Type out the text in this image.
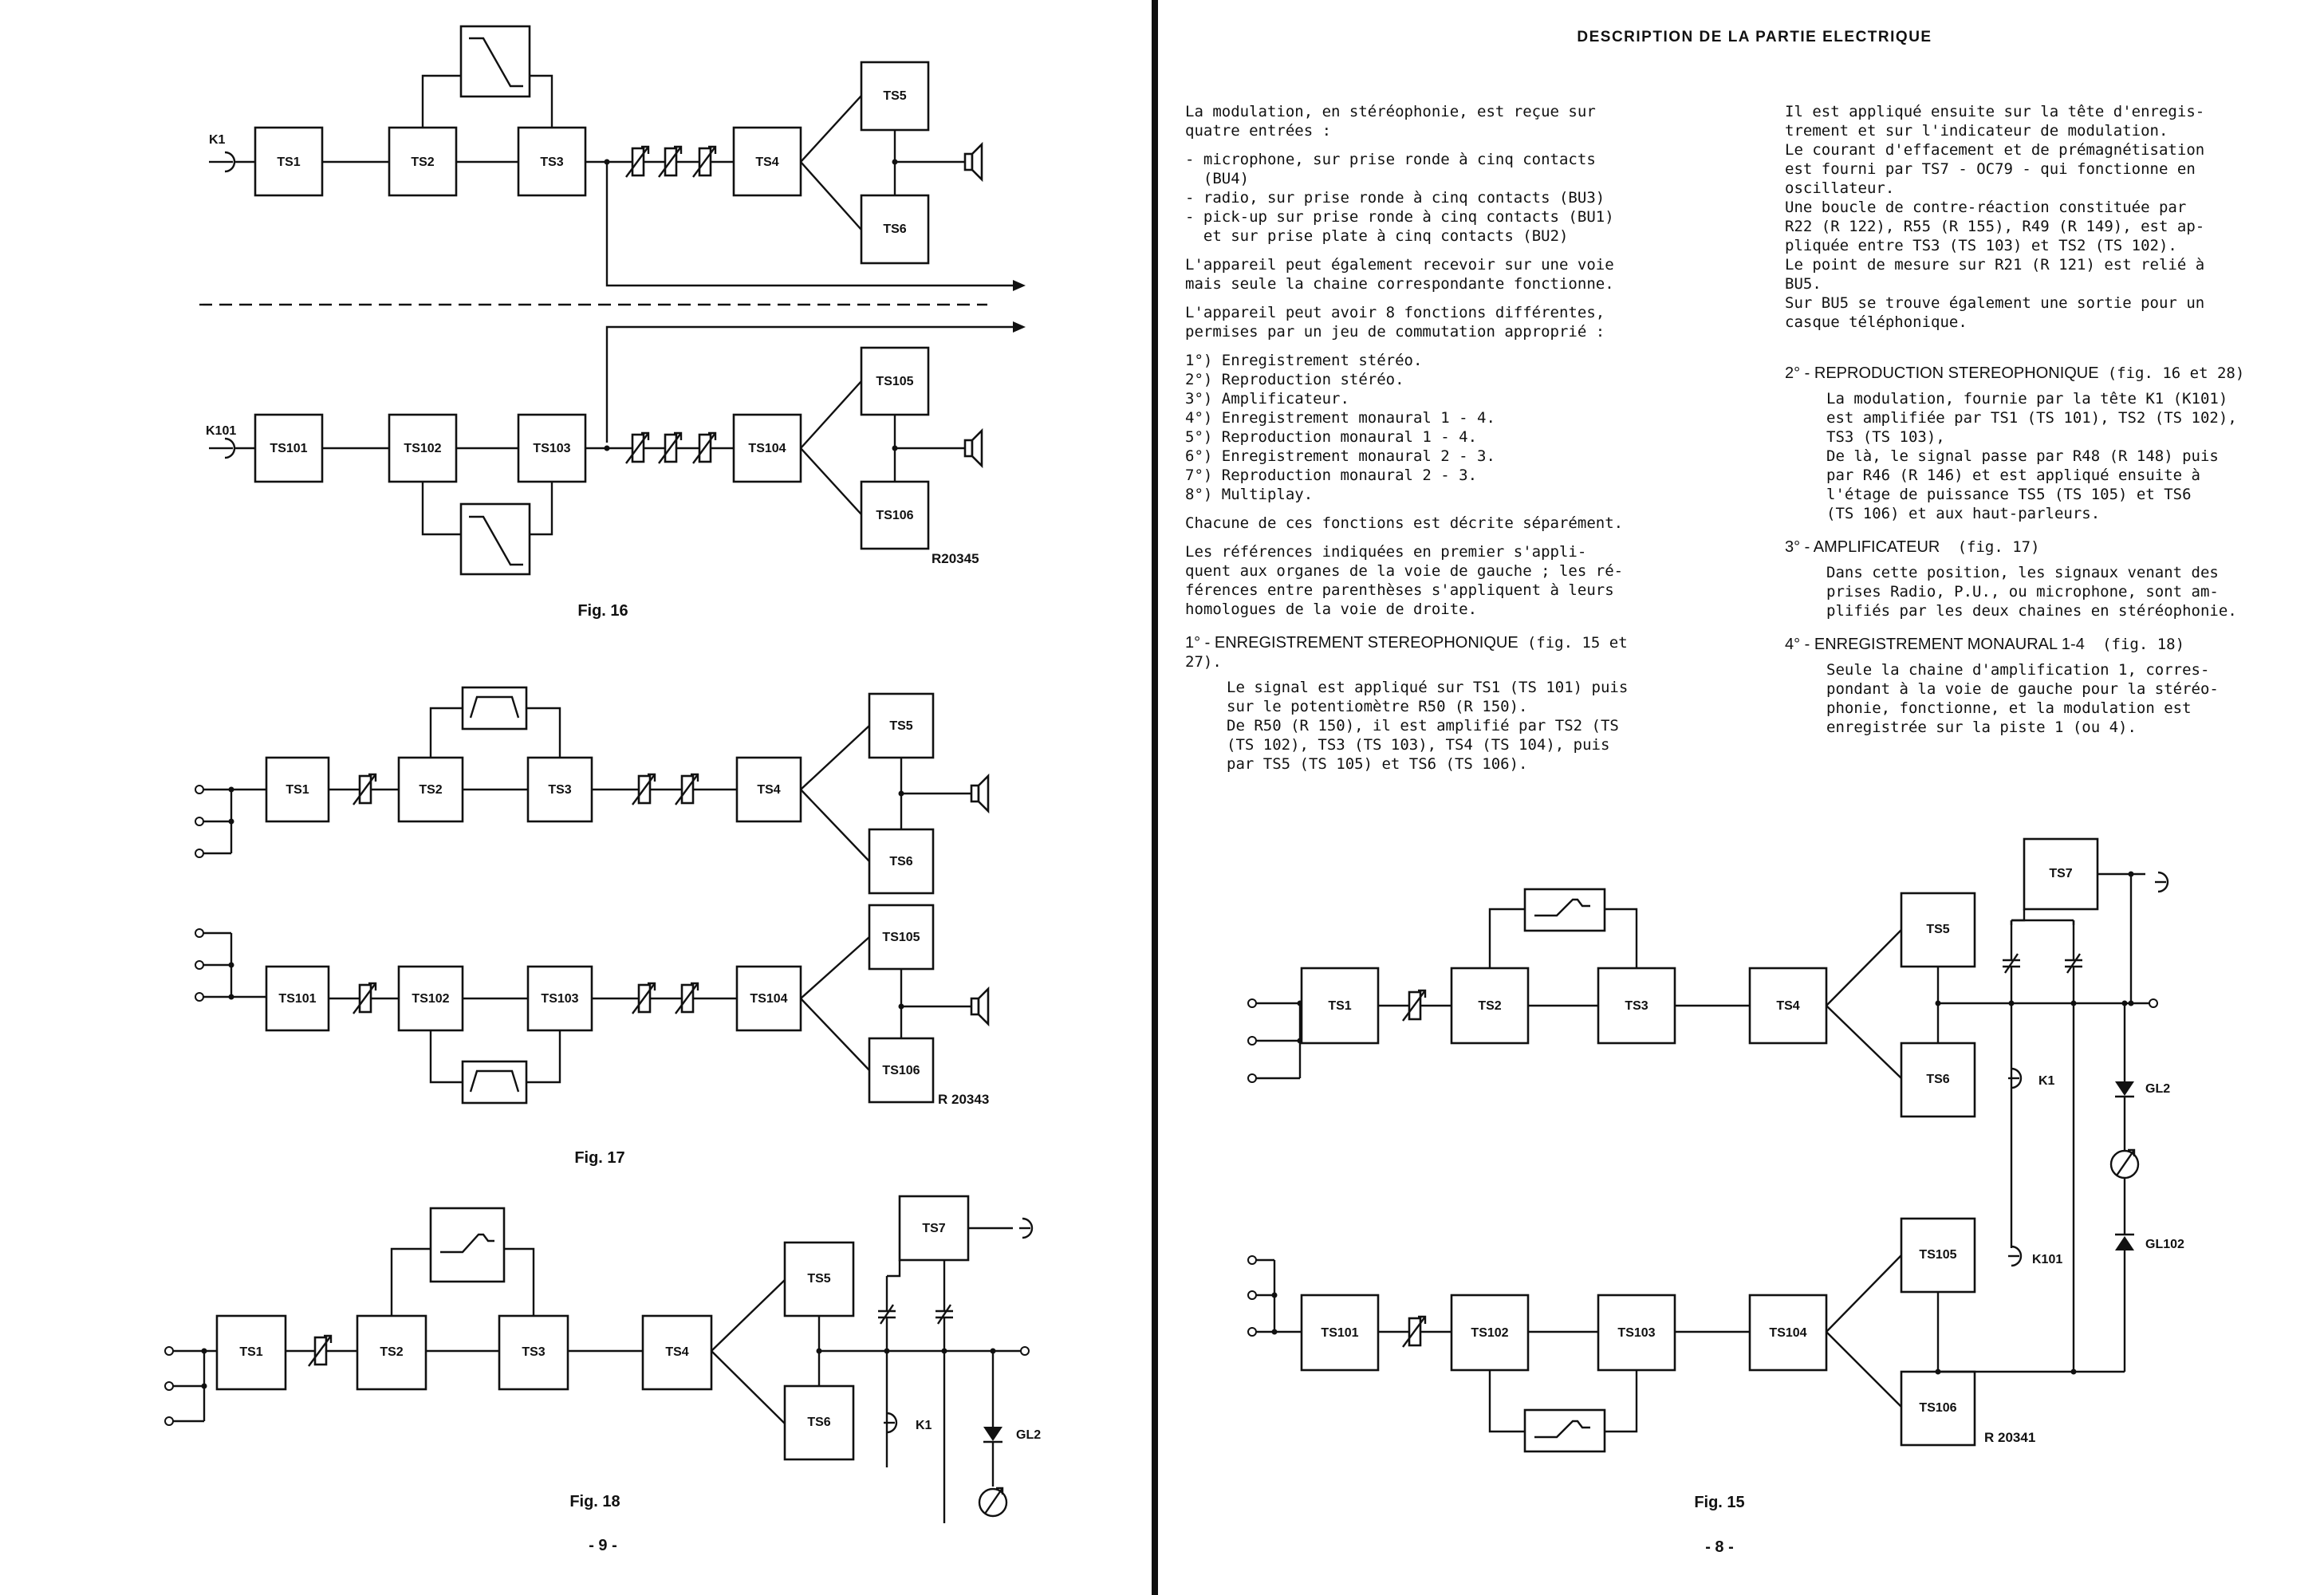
K1
TS1	TS2	TS3	TS4
TS5
TS6
K101
TS101	TS102	TS103	TS104
TS105
TS106
R20345
Fig. 16
TS1	TS2	TS3	TS4
TS5
TS6
TS101	TS102	TS103	TS104
TS105
TS106
R 20343
Fig. 17
TS1	TS2	TS3	TS4
TS5
TS6
TS7
K1
GL2
Fig. 18
- 9 -
TS1	TS2	TS3	TS4
TS5
TS6
TS7
K1
K101
GL2
GL102
TS101	TS102	TS103	TS104
TS105
TS106
R 20341
Fig. 15
- 8 -
DESCRIPTION DE LA PARTIE ELECTRIQUE

La modulation, en stéréophonie, est reçue sur
quatre entrées :

- microphone, sur prise ronde à cinq contacts
(BU4)
- radio, sur prise ronde à cinq contacts (BU3)
- pick-up sur prise ronde à cinq contacts (BU1)
et sur prise plate à cinq contacts (BU2)

L'appareil peut également recevoir sur une voie
mais seule la chaine correspondante fonctionne.

L'appareil peut avoir 8 fonctions différentes,
permises par un jeu de commutation approprié :

1°) Enregistrement stéréo.
2°) Reproduction stéréo.
3°) Amplificateur.
4°) Enregistrement monaural 1 - 4.
5°) Reproduction monaural 1 - 4.
6°) Enregistrement monaural 2 - 3.
7°) Reproduction monaural 2 - 3.
8°) Multiplay.

Chacune de ces fonctions est décrite séparément.

Les références indiquées en premier s'appli-
quent aux organes de la voie de gauche ; les ré-
férences entre parenthèses s'appliquent à leurs
homologues de la voie de droite.

1° - ENREGISTREMENT STEREOPHONIQUE (fig. 15 et
27).

Le signal est appliqué sur TS1 (TS 101) puis
sur le potentiomètre R50 (R 150).
De R50 (R 150), il est amplifié par TS2 (TS
(TS 102), TS3 (TS 103), TS4 (TS 104), puis
par TS5 (TS 105) et TS6 (TS 106).

Il est appliqué ensuite sur la tête d'enregis-
trement et sur l'indicateur de modulation.
Le courant d'effacement et de prémagnétisation
est fourni par TS7 - OC79 - qui fonctionne en
oscillateur.
Une boucle de contre-réaction constituée par
R22 (R 122), R55 (R 155), R49 (R 149), est ap-
pliquée entre TS3 (TS 103) et TS2 (TS 102).
Le point de mesure sur R21 (R 121) est relié à
BU5.
Sur BU5 se trouve également une sortie pour un
casque téléphonique.

2° - REPRODUCTION STEREOPHONIQUE (fig. 16 et 28)

La modulation, fournie par la tête K1 (K101)
est amplifiée par TS1 (TS 101), TS2 (TS 102),
TS3 (TS 103),
De là, le signal passe par R48 (R 148) puis
par R46 (R 146) et est appliqué ensuite à
l'étage de puissance TS5 (TS 105) et TS6
(TS 106) et aux haut-parleurs.

3° - AMPLIFICATEUR (fig. 17)

Dans cette position, les signaux venant des
prises Radio, P.U., ou microphone, sont am-
plifiés par les deux chaines en stéréophonie.

4° - ENREGISTREMENT MONAURAL 1-4 (fig. 18)

Seule la chaine d'amplification 1, corres-
pondant à la voie de gauche pour la stéréo-
phonie, fonctionne, et la modulation est
enregistrée sur la piste 1 (ou 4).
